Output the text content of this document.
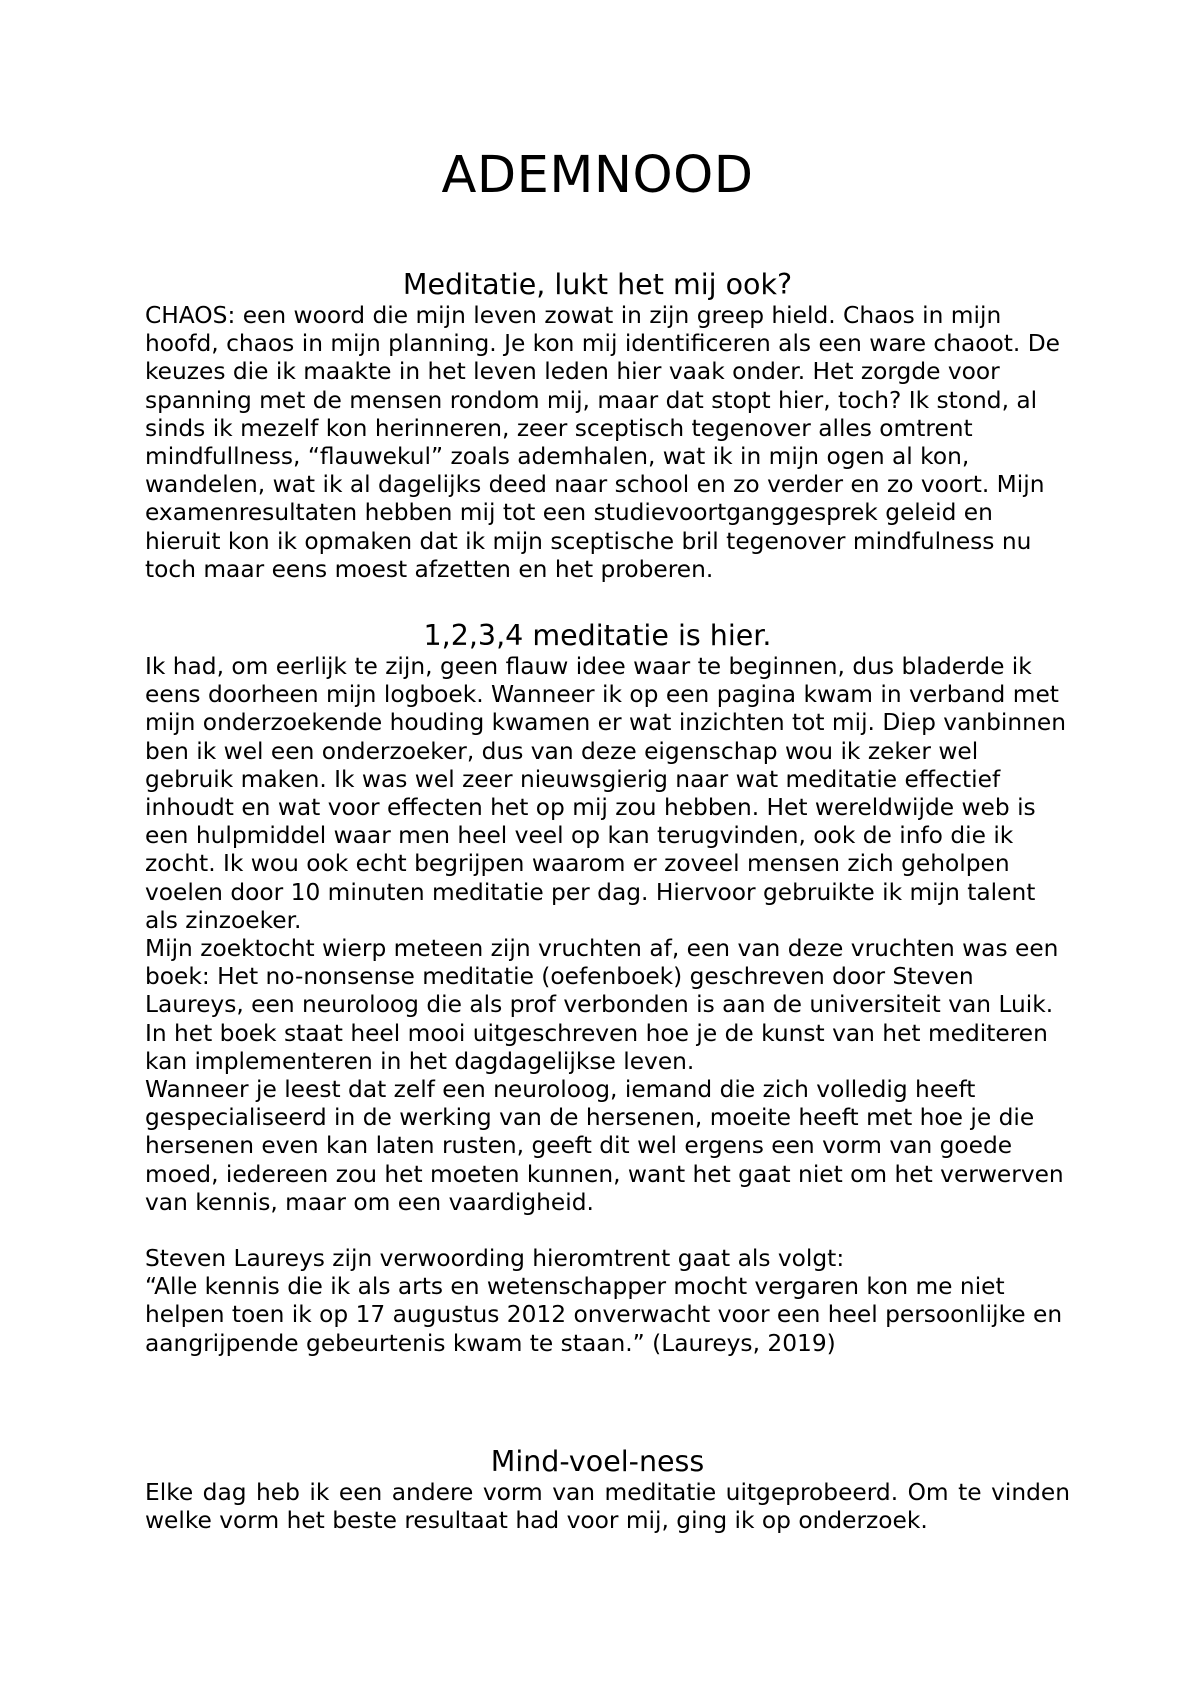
ADEMNOOD
Meditatie, lukt het mij ook?

CHAOS: een woord die mijn leven zowat in zijn greep hield. Chaos in mijn hoofd, chaos in mijn planning. Je kon mij identificeren als een ware chaoot. De keuzes die ik maakte in het leven leden hier vaak onder. Het zorgde voor spanning met de mensen rondom mij, maar dat stopt hier, toch? Ik stond, al sinds ik mezelf kon herinneren, zeer sceptisch tegenover alles omtrent mindfullness, “flauwekul” zoals ademhalen, wat ik in mijn ogen al kon, wandelen, wat ik al dagelijks deed naar school en zo verder en zo voort. Mijn examenresultaten hebben mij tot een studievoortganggesprek geleid en hieruit kon ik opmaken dat ik mijn sceptische bril tegenover mindfulness nu toch maar eens moest afzetten en het proberen.

1,2,3,4 meditatie is hier.

Ik had, om eerlijk te zijn, geen flauw idee waar te beginnen, dus bladerde ik eens doorheen mijn logboek. Wanneer ik op een pagina kwam in verband met mijn onderzoekende houding kwamen er wat inzichten tot mij. Diep vanbinnen ben ik wel een onderzoeker, dus van deze eigenschap wou ik zeker wel gebruik maken. Ik was wel zeer nieuwsgierig naar wat meditatie effectief inhoudt en wat voor effecten het op mij zou hebben. Het wereldwijde web is een hulpmiddel waar men heel veel op kan terugvinden, ook de info die ik zocht. Ik wou ook echt begrijpen waarom er zoveel mensen zich geholpen voelen door 10 minuten meditatie per dag. Hiervoor gebruikte ik mijn talent als zinzoeker.

Mijn zoektocht wierp meteen zijn vruchten af, een van deze vruchten was een boek: Het no-nonsense meditatie (oefenboek) geschreven door Steven Laureys, een neuroloog die als prof verbonden is aan de universiteit van Luik. In het boek staat heel mooi uitgeschreven hoe je de kunst van het mediteren kan implementeren in het dagdagelijkse leven.

Wanneer je leest dat zelf een neuroloog, iemand die zich volledig heeft gespecialiseerd in de werking van de hersenen, moeite heeft met hoe je die hersenen even kan laten rusten, geeft dit wel ergens een vorm van goede moed, iedereen zou het moeten kunnen, want het gaat niet om het verwerven van kennis, maar om een vaardigheid.

Steven Laureys zijn verwoording hieromtrent gaat als volgt:

“Alle kennis die ik als arts en wetenschapper mocht vergaren kon me niet helpen toen ik op 17 augustus 2012 onverwacht voor een heel persoonlijke en aangrijpende gebeurtenis kwam te staan.” (Laureys, 2019)

Mind-voel-ness

Elke dag heb ik een andere vorm van meditatie uitgeprobeerd. Om te vinden welke vorm het beste resultaat had voor mij, ging ik op onderzoek.
